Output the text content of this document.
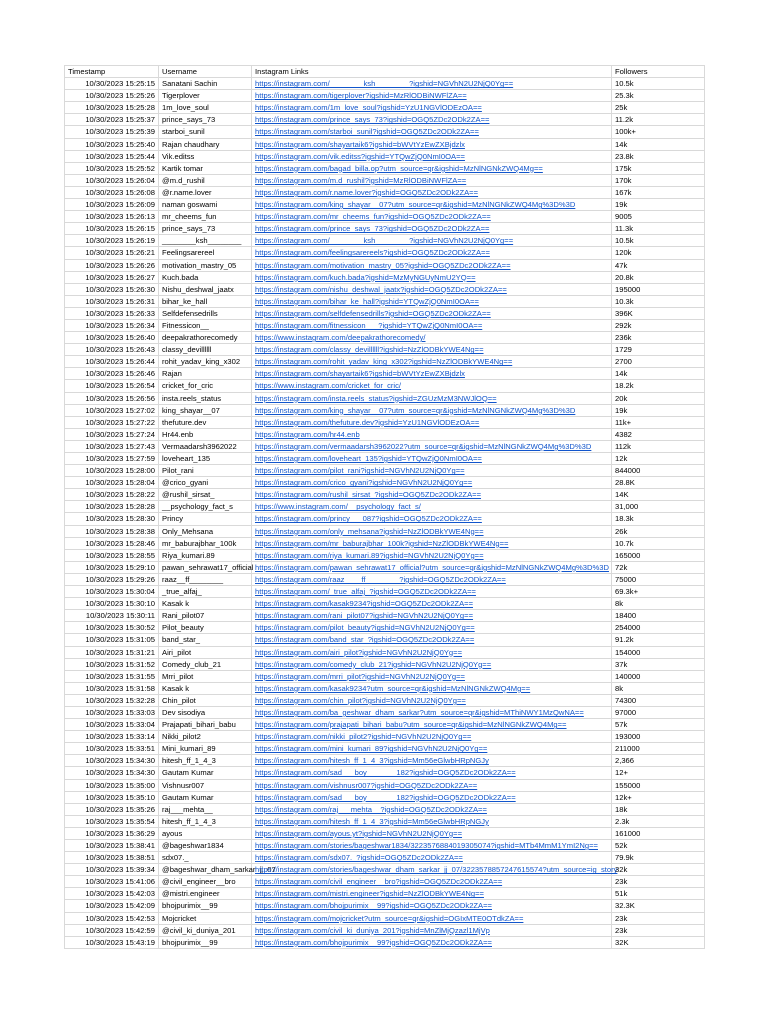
Timestamp	Username	Instagram Links	Followers
10/30/2023 15:25:15	Sanatani Sachin	https://instagram.com/________ksh________?igshid=NGVhN2U2NjQ0Yg==	10.5k
10/30/2023 15:25:26	Tigerplover	https://instagram.com/tigerplover?igshid=MzRlODBiNWFlZA==	25.3k
10/30/2023 15:25:28	1m_love_soul	https://instagram.com/1m_love_soul?igshid=YzU1NGVlODEzOA==	25k
10/30/2023 15:25:37	prince_says_73	https://instagram.com/prince_says_73?igshid=OGQ5ZDc2ODk2ZA==	11.2k
10/30/2023 15:25:39	starboi_sunil	https://instagram.com/starboi_sunil?igshid=OGQ5ZDc2ODk2ZA==	100k+
10/30/2023 15:25:40	Rajan chaudhary	https://instagram.com/shayartaik6?igshid=bWVtYzEwZXBjdzlx	14k
10/30/2023 15:25:44	Vik.editss	https://instagram.com/vik.editss?igshid=YTQwZjQ0NmI0OA==	23.8k
10/30/2023 15:25:52	Kartik tomar	https://instagram.com/bagad_billa.op?utm_source=qr&igshid=MzNlNGNkZWQ4Mg==	175k
10/30/2023 15:26:04	@m.d_rushil	https://instagram.com/m.d_rushil?igshid=MzRlODBiNWFlZA==	170k
10/30/2023 15:26:08	@r.name.lover	https://instagram.com/r.name.lover?igshid=OGQ5ZDc2ODk2ZA==	167k
10/30/2023 15:26:09	naman goswami	https://instagram.com/king_shayar__07?utm_source=qr&igshid=MzNlNGNkZWQ4Mg%3D%3D	19k
10/30/2023 15:26:13	mr_cheems_fun	https://instagram.com/mr_cheems_fun?igshid=OGQ5ZDc2ODk2ZA==	9005
10/30/2023 15:26:15	prince_says_73	https://instagram.com/prince_says_73?igshid=OGQ5ZDc2ODk2ZA==	11.3k
10/30/2023 15:26:19	________ksh________	https://instagram.com/________ksh________?igshid=NGVhN2U2NjQ0Yg==	10.5k
10/30/2023 15:26:21	Feelingsarereel	https://instagram.com/feelingsarereels?igshid=OGQ5ZDc2ODk2ZA==	120k
10/30/2023 15:26:26	motivation_mastry_05	https://instagram.com/motivation_mastry_05?igshid=OGQ5ZDc2ODk2ZA==	47k
10/30/2023 15:26:27	Kuch.bada	https://instagram.com/kuch.bada?igshid=MzMyNGUyNmU2YQ==	20.8k
10/30/2023 15:26:30	Nishu_deshwal_jaatx	https://instagram.com/nishu_deshwal_jaatx?igshid=OGQ5ZDc2ODk2ZA==	195000
10/30/2023 15:26:31	bihar_ke_hall	https://instagram.com/bihar_ke_hall?igshid=YTQwZjQ0NmI0OA==	10.3k
10/30/2023 15:26:33	Selfdefensedrills	https://instagram.com/selfdefensedrills?igshid=OGQ5ZDc2ODk2ZA==	396K
10/30/2023 15:26:34	Fitnessicon__	https://instagram.com/fitnessicon___?igshid=YTQwZjQ0NmI0OA==	292k
10/30/2023 15:26:40	deepakrathorecomedy	https://www.instagram.com/deepakrathorecomedy/	236k
10/30/2023 15:26:43	classy_devillllll	https://instagram.com/classy_devillllll?igshid=NzZlODBkYWE4Ng==	1729
10/30/2023 15:26:44	rohit_yadav_king_x302	https://instagram.com/rohit_yadav_king_x302?igshid=NzZlODBkYWE4Ng==	2700
10/30/2023 15:26:46	Rajan	https://instagram.com/shayartaik6?igshid=bWVtYzEwZXBjdzlx	14k
10/30/2023 15:26:54	cricket_for_cric	https://www.instagram.com/cricket_for_cric/	18.2k
10/30/2023 15:26:56	insta.reels_status	https://instagram.com/insta.reels_status?igshid=ZGUzMzM3NWJlOQ==	20k
10/30/2023 15:27:02	king_shayar__07	https://instagram.com/king_shayar__07?utm_source=qr&igshid=MzNlNGNkZWQ4Mg%3D%3D	19k
10/30/2023 15:27:22	thefuture.dev	https://instagram.com/thefuture.dev?igshid=YzU1NGVlODEzOA==	11k+
10/30/2023 15:27:24	Hr44.enb	https://instagram.com/hr44.enb	4382
10/30/2023 15:27:43	Vermaadarsh3962022	https://instagram.com/vermaadarsh3962022?utm_source=qr&igshid=MzNlNGNkZWQ4Mg%3D%3D	112k
10/30/2023 15:27:59	loveheart_135	https://instagram.com/loveheart_135?igshid=YTQwZjQ0NmI0OA==	12k
10/30/2023 15:28:00	Pilot_rani	https://instagram.com/pilot_rani?igshid=NGVhN2U2NjQ0Yg==	844000
10/30/2023 15:28:04	@crico_gyani	https://instagram.com/crico_gyani?igshid=NGVhN2U2NjQ0Yg==	28.8K
10/30/2023 15:28:22	@rushil_sirsat_	https://instagram.com/rushil_sirsat_?igshid=OGQ5ZDc2ODk2ZA==	14K
10/30/2023 15:28:28	__psychology_fact_s	https://www.instagram.com/__psychology_fact_s/	31,000
10/30/2023 15:28:30	Princy	https://instagram.com/princy___087?igshid=OGQ5ZDc2ODk2ZA==	18.3k
10/30/2023 15:28:38	Only_Mehsana	https://instagram.com/only_mehsana?igshid=NzZlODBkYWE4Ng==	26k
10/30/2023 15:28:46	mr_baburajbhar_100k	https://instagram.com/mr_baburajbhar_100k?igshid=NzZlODBkYWE4Ng==	10.7k
10/30/2023 15:28:55	Riya_kumari.89	https://instagram.com/riya_kumari.89?igshid=NGVhN2U2NjQ0Yg==	165000
10/30/2023 15:29:10	pawan_sehrawat17_official	https://instagram.com/pawan_sehrawat17_official?utm_source=qr&igshid=MzNlNGNkZWQ4Mg%3D%3D	72k
10/30/2023 15:29:26	raaz__ff________	https://instagram.com/raaz____ff________?igshid=OGQ5ZDc2ODk2ZA==	75000
10/30/2023 15:30:04	_true_alfaj_	https://instagram.com/_true_alfaj_?igshid=OGQ5ZDc2ODk2ZA==	69.3k+
10/30/2023 15:30:10	Kasak k	https://instagram.com/kasak9234?igshid=OGQ5ZDc2ODk2ZA==	8k
10/30/2023 15:30:11	Rani_pilot07	https://instagram.com/rani_pilot07?igshid=NGVhN2U2NjQ0Yg==	18400
10/30/2023 15:30:52	Pilot_beauty	https://instagram.com/pilot_beauty?igshid=NGVhN2U2NjQ0Yg==	254000
10/30/2023 15:31:05	band_star_	https://instagram.com/band_star_?igshid=OGQ5ZDc2ODk2ZA==	91.2k
10/30/2023 15:31:21	Airi_pilot	https://instagram.com/airi_pilot?igshid=NGVhN2U2NjQ0Yg==	154000
10/30/2023 15:31:52	Comedy_club_21	https://instagram.com/comedy_club_21?igshid=NGVhN2U2NjQ0Yg==	37k
10/30/2023 15:31:55	Mrri_pilot	https://instagram.com/mrri_pilot?igshid=NGVhN2U2NjQ0Yg==	140000
10/30/2023 15:31:58	Kasak k	https://instagram.com/kasak9234?utm_source=qr&igshid=MzNlNGNkZWQ4Mg==	8k
10/30/2023 15:32:28	Chin_pilot	https://instagram.com/chin_pilot?igshid=NGVhN2U2NjQ0Yg==	74300
10/30/2023 15:33:03	Dev sisodiya	https://instagram.com/ba_geshwar_dham_sarkar?utm_source=qr&igshid=MThiNWY1MzQwNA==	97000
10/30/2023 15:33:04	Prajapati_bihari_babu	https://instagram.com/prajapati_bihari_babu?utm_source=qr&igshid=MzNlNGNkZWQ4Mg==	57k
10/30/2023 15:33:14	Nikki_pilot2	https://instagram.com/nikki_pilot2?igshid=NGVhN2U2NjQ0Yg==	193000
10/30/2023 15:33:51	Mini_kumari_89	https://instagram.com/mini_kumari_89?igshid=NGVhN2U2NjQ0Yg==	211000
10/30/2023 15:34:30	hitesh_ff_1_4_3	https://instagram.com/hitesh_ff_1_4_3?igshid=Mm56eGlwbHRpNGJy	2,366
10/30/2023 15:34:30	Gautam Kumar	https://instagram.com/sad___boy_______182?igshid=OGQ5ZDc2ODk2ZA==	12+
10/30/2023 15:35:00	Vishnusr007	https://instagram.com/vishnusr007?igshid=OGQ5ZDc2ODk2ZA==	155000
10/30/2023 15:35:10	Gautam Kumar	https://instagram.com/sad___boy_______182?igshid=OGQ5ZDc2ODk2ZA==	12k+
10/30/2023 15:35:26	raj___mehta__	https://instagram.com/raj___mehta__?igshid=OGQ5ZDc2ODk2ZA==	18k
10/30/2023 15:35:54	hitesh_ff_1_4_3	https://instagram.com/hitesh_ff_1_4_3?igshid=Mm56eGlwbHRpNGJy	2.3k
10/30/2023 15:36:29	ayous	https://instagram.com/ayous.yt?igshid=NGVhN2U2NjQ0Yg==	161000
10/30/2023 15:38:41	@bageshwar1834	https://instagram.com/stories/bageshwar1834/3223576884019305074?igshid=MTb4MmM1YmI2Ng==	52k
10/30/2023 15:38:51	sdx07._	https://instagram.com/sdx07._?igshid=OGQ5ZDc2ODk2ZA==	79.9k
10/30/2023 15:39:34	@bageshwar_dham_sarkar_jj_07	https://instagram.com/stories/bageshwar_dham_sarkar_jj_07/3223578857247615574?utm_source=ig_story	32k
10/30/2023 15:41:06	@civil_engineer__bro	https://instagram.com/civil_engineer__bro?igshid=OGQ5ZDc2ODk2ZA==	23k
10/30/2023 15:42:03	@mistri.engineer	https://instagram.com/mistri.engineer?igshid=NzZlODBkYWE4Ng==	51k
10/30/2023 15:42:09	bhojpurimix__99	https://instagram.com/bhojpurimix__99?igshid=OGQ5ZDc2ODk2ZA==	32.3K
10/30/2023 15:42:53	Mojcricket	https://instagram.com/mojcricket?utm_source=qr&igshid=OGIxMTE0OTdkZA==	23k
10/30/2023 15:42:59	@civil_ki_duniya_201	https://instagram.com/civil_ki_duniya_201?igshid=MnZlMjQzazl1MjVp	23k
10/30/2023 15:43:19	bhojpurimix__99	https://instagram.com/bhojpurimix__99?igshid=OGQ5ZDc2ODk2ZA==	32K
